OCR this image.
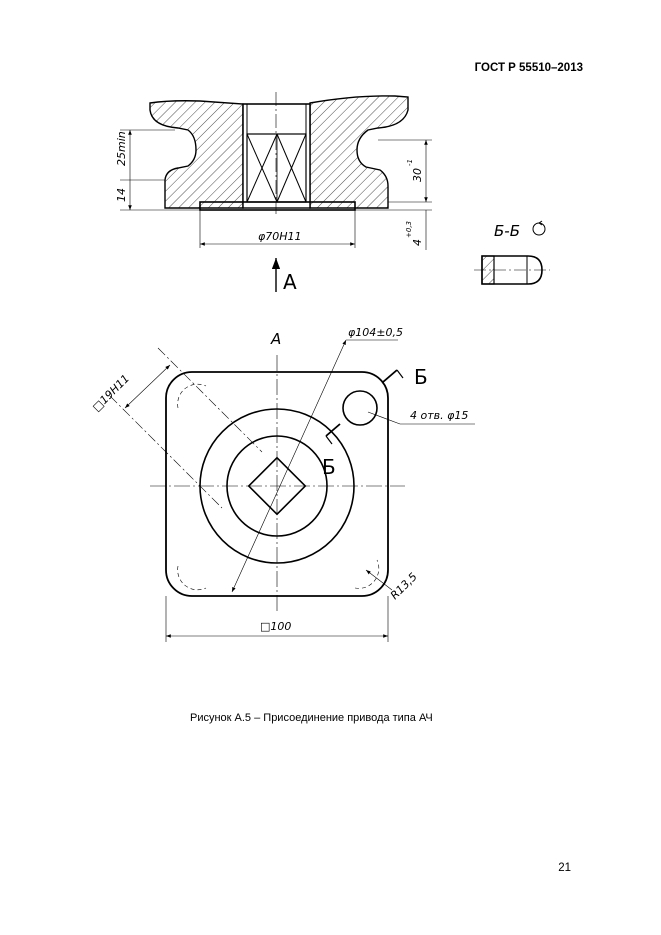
ГОСТ Р 55510–2013
25min
14
30
-1
4
+0,3
φ70H11
А
Б-Б
А	φ104±0,5
□19H11	Б
Б
4 отв. φ15
R13,5
□100
Рисунок А.5 – Присоединение привода типа АЧ
21
